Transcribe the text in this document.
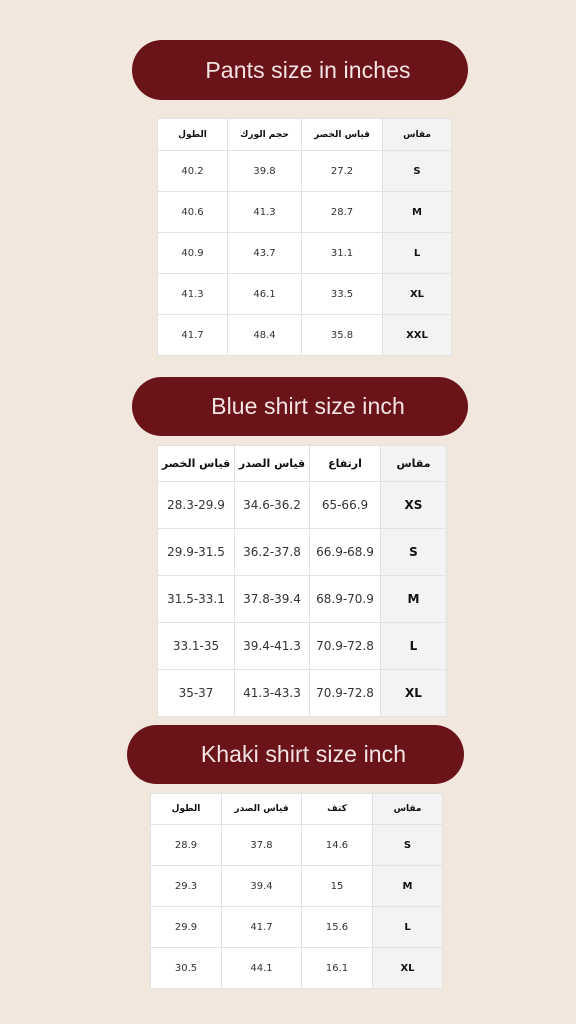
Pants size in inches
الطول	حجم الورك	قياس الخصر	مقاس
40.2	39.8	27.2	S
40.6	41.3	28.7	M
40.9	43.7	31.1	L
41.3	46.1	33.5	XL
41.7	48.4	35.8	XXL
Blue shirt size inch
قياس الخصر	قياس الصدر	ارتفاع	مقاس
28.3-29.9	34.6-36.2	65-66.9	XS
29.9-31.5	36.2-37.8	66.9-68.9	S
31.5-33.1	37.8-39.4	68.9-70.9	M
33.1-35	39.4-41.3	70.9-72.8	L
35-37	41.3-43.3	70.9-72.8	XL
Khaki shirt size inch
الطول	قياس الصدر	كتف	مقاس
28.9	37.8	14.6	S
29.3	39.4	15	M
29.9	41.7	15.6	L
30.5	44.1	16.1	XL
